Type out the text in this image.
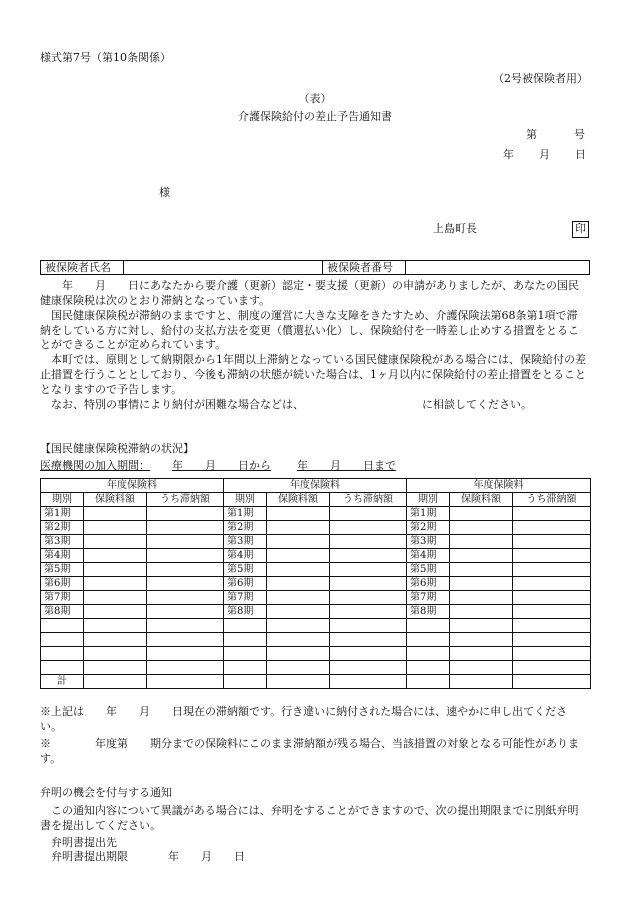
様式第7号（第10条関係）
（2号被保険者用）
（表）
介護保険給付の差止予告通知書
第	号
年 月 日
様
上島町長	印
被保険者氏名		被保険者番号	

　　年　　月　　日にあなたから要介護（更新）認定・要支援（更新）の申請がありましたが、あなたの国民健康保険税は次のとおり滞納となっています。

　国民健康保険税が滞納のままですと、制度の運営に大きな支障をきたすため、介護保険法第68条第1項で滞納をしている方に対し、給付の支払方法を変更（償還払い化）し、保険給付を一時差し止めする措置をとることができることが定められています。

　本町では、原則として納期限から1年間以上滞納となっている国民健康保険税がある場合には、保険給付の差止措置を行うこととしており、今後も滞納の状態が続いた場合は、1ヶ月以内に保険給付の差止措置をとることとなりますので予告します。

　なお、特別の事情により納付が困難な場合などは、	に相談してください。

【国民健康保険税滞納の状況】
医療機関の加入期間： 年　　月　　日から 年　　月　　日まで
年度保険料			年度保険料			年度保険料		
期別	保険料額	うち滞納額	期別	保険料額	うち滞納額	期別	保険料額	うち滞納額
第1期			第1期			第1期		
第2期			第2期			第2期		
第3期			第3期			第3期		
第4期			第4期			第4期		
第5期			第5期			第5期		
第6期			第6期			第6期		
第7期			第7期			第7期		
第8期			第8期			第8期		

計								

※上記は　　年　　月　　日現在の滞納額です。行き違いに納付された場合には、速やかに申し出てください。

※　　　　年度第　　期分までの保険料にこのまま滞納額が残る場合、当該措置の対象となる可能性があります。

弁明の機会を付与する通知

　この通知内容について異議がある場合には、弁明をすることができますので、次の提出期限までに別紙弁明書を提出してください。

弁明書提出先

弁明書提出期限	年　　月　　日
